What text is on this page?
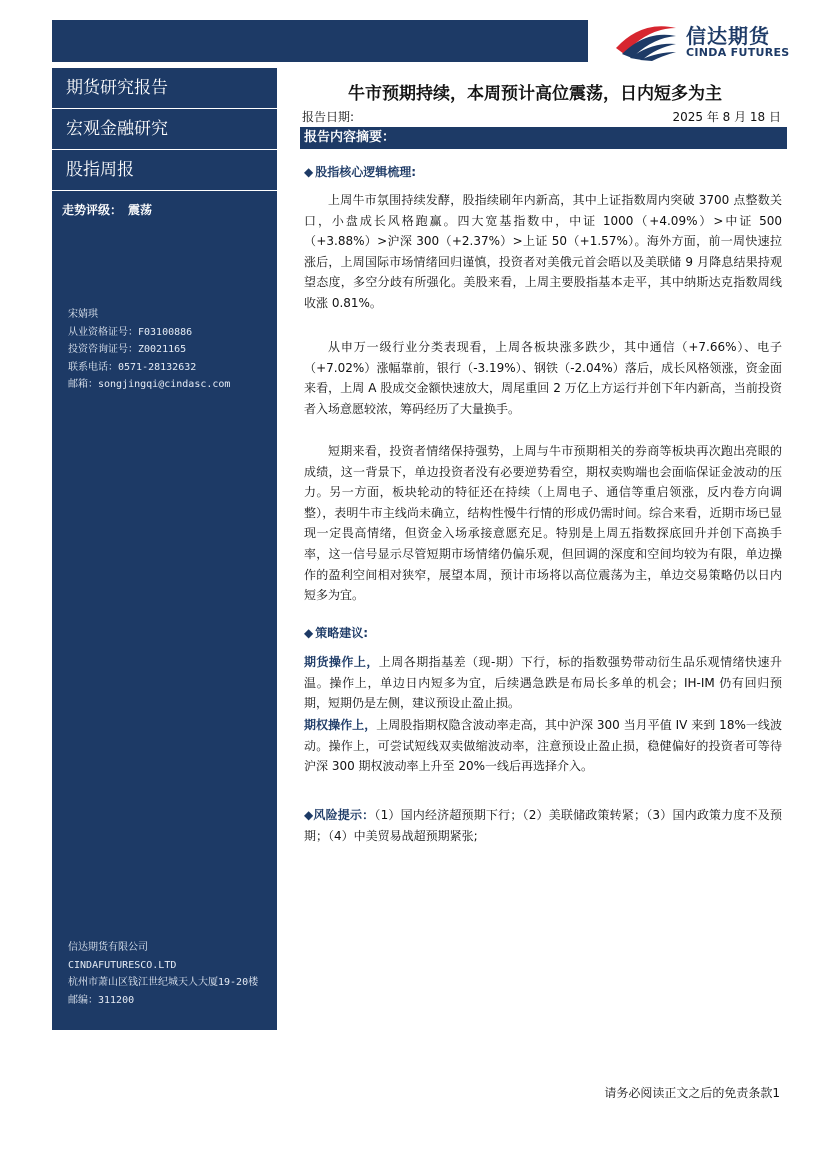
信达期货
CINDA FUTURES
期货研究报告
宏观金融研究
股指周报
走势评级： 震荡
宋婧琪
从业资格证号：F03100886
投资咨询证号：Z0021165
联系电话：0571-28132632
邮箱：songjingqi@cindasc.com
信达期货有限公司
CINDAFUTURESCO.LTD
杭州市萧山区钱江世纪城天人大厦19-20楼
邮编：311200
牛市预期持续，本周预计高位震荡，日内短多为主
报告日期:	2025 年 8 月 18 日
报告内容摘要：
◆ 股指核心逻辑梳理:
上周牛市氛围持续发酵，股指续刷年内新高，其中上证指数周内突破 3700 点整数关口，小盘成长风格跑赢。四大宽基指数中，中证 1000（+4.09%）>中证 500（+3.88%）>沪深 300（+2.37%）>上证 50（+1.57%）。海外方面，前一周快速拉涨后，上周国际市场情绪回归谨慎，投资者对美俄元首会晤以及美联储 9 月降息结果持观望态度，多空分歧有所强化。美股来看，上周主要股指基本走平，其中纳斯达克指数周线收涨 0.81%。
从申万一级行业分类表现看，上周各板块涨多跌少，其中通信（+7.66%）、电子（+7.02%）涨幅靠前，银行（-3.19%）、钢铁（-2.04%）落后，成长风格领涨，资金面来看，上周 A 股成交金额快速放大，周尾重回 2 万亿上方运行并创下年内新高，当前投资者入场意愿较浓，筹码经历了大量换手。
短期来看，投资者情绪保持强势，上周与牛市预期相关的券商等板块再次跑出亮眼的成绩，这一背景下，单边投资者没有必要逆势看空，期权卖购端也会面临保证金波动的压力。另一方面，板块轮动的特征还在持续（上周电子、通信等重启领涨，反内卷方向调整），表明牛市主线尚未确立，结构性慢牛行情的形成仍需时间。综合来看，近期市场已显现一定畏高情绪，但资金入场承接意愿充足。特别是上周五指数探底回升并创下高换手率，这一信号显示尽管短期市场情绪仍偏乐观，但回调的深度和空间均较为有限，单边操作的盈利空间相对狭窄，展望本周，预计市场将以高位震荡为主，单边交易策略仍以日内短多为宜。
◆ 策略建议:
期货操作上，上周各期指基差（现-期）下行，标的指数强势带动衍生品乐观情绪快速升温。操作上，单边日内短多为宜，后续遇急跌是布局长多单的机会；IH-IM 仍有回归预期，短期仍是左侧，建议预设止盈止损。
期权操作上，上周股指期权隐含波动率走高，其中沪深 300 当月平值 IV 来到 18%一线波动。操作上，可尝试短线双卖做缩波动率，注意预设止盈止损，稳健偏好的投资者可等待沪深 300 期权波动率上升至 20%一线后再选择介入。
◆风险提示：（1）国内经济超预期下行；（2）美联储政策转紧；（3）国内政策力度不及预期；（4）中美贸易战超预期紧张;
请务必阅读正文之后的免责条款1
